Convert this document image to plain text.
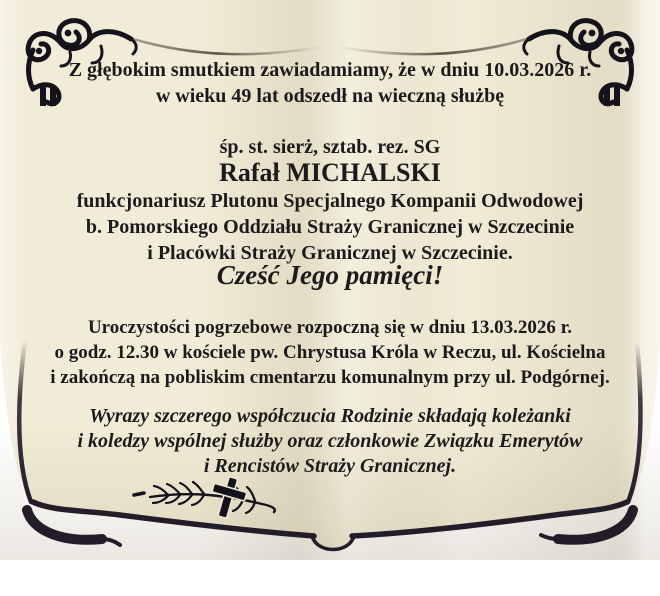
Z głębokim smutkiem zawiadamiamy, że w dniu 10.03.2026 r.
w wieku 49 lat odszedł na wieczną służbę
śp. st. sierż, sztab. rez. SG
Rafał MICHALSKI
funkcjonariusz Plutonu Specjalnego Kompanii Odwodowej
b. Pomorskiego Oddziału Straży Granicznej w Szczecinie
i Placówki Straży Granicznej w Szczecinie.
Cześć Jego pamięci!
Uroczystości pogrzebowe rozpoczną się w dniu 13.03.2026 r.
o godz. 12.30 w kościele pw. Chrystusa Króla w Reczu, ul. Kościelna
i zakończą na pobliskim cmentarzu komunalnym przy ul. Podgórnej.
Wyrazy szczerego współczucia Rodzinie składają koleżanki
i koledzy wspólnej służby oraz członkowie Związku Emerytów
i Rencistów Straży Granicznej.
